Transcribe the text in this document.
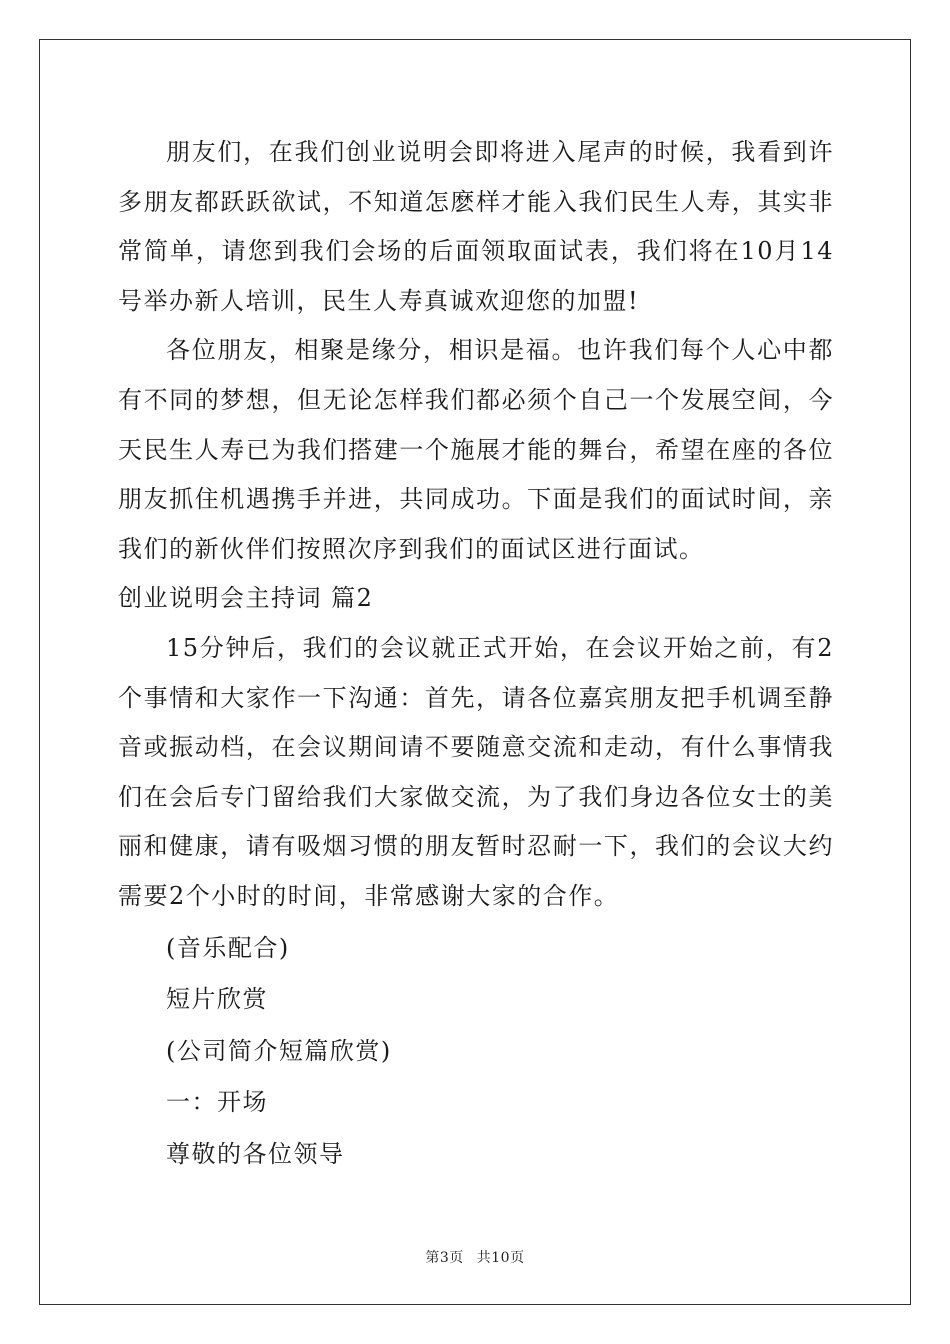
朋友们，在我们创业说明会即将进入尾声的时候，我看到许多朋友都跃跃欲试，不知道怎麽样才能入我们民生人寿，其实非常简单，请您到我们会场的后面领取面试表，我们将在10月14号举办新人培训，民生人寿真诚欢迎您的加盟!

各位朋友，相聚是缘分，相识是福。也许我们每个人心中都有不同的梦想，但无论怎样我们都必须个自己一个发展空间，今天民生人寿已为我们搭建一个施展才能的舞台，希望在座的各位朋友抓住机遇携手并进，共同成功。下面是我们的面试时间，亲我们的新伙伴们按照次序到我们的面试区进行面试。

创业说明会主持词 篇2

15分钟后，我们的会议就正式开始，在会议开始之前，有2个事情和大家作一下沟通：首先，请各位嘉宾朋友把手机调至静音或振动档，在会议期间请不要随意交流和走动，有什么事情我们在会后专门留给我们大家做交流，为了我们身边各位女士的美丽和健康，请有吸烟习惯的朋友暂时忍耐一下，我们的会议大约需要2个小时的时间，非常感谢大家的合作。

(音乐配合)

短片欣赏

(公司简介短篇欣赏)

一：开场

尊敬的各位领导

第3页 共10页
